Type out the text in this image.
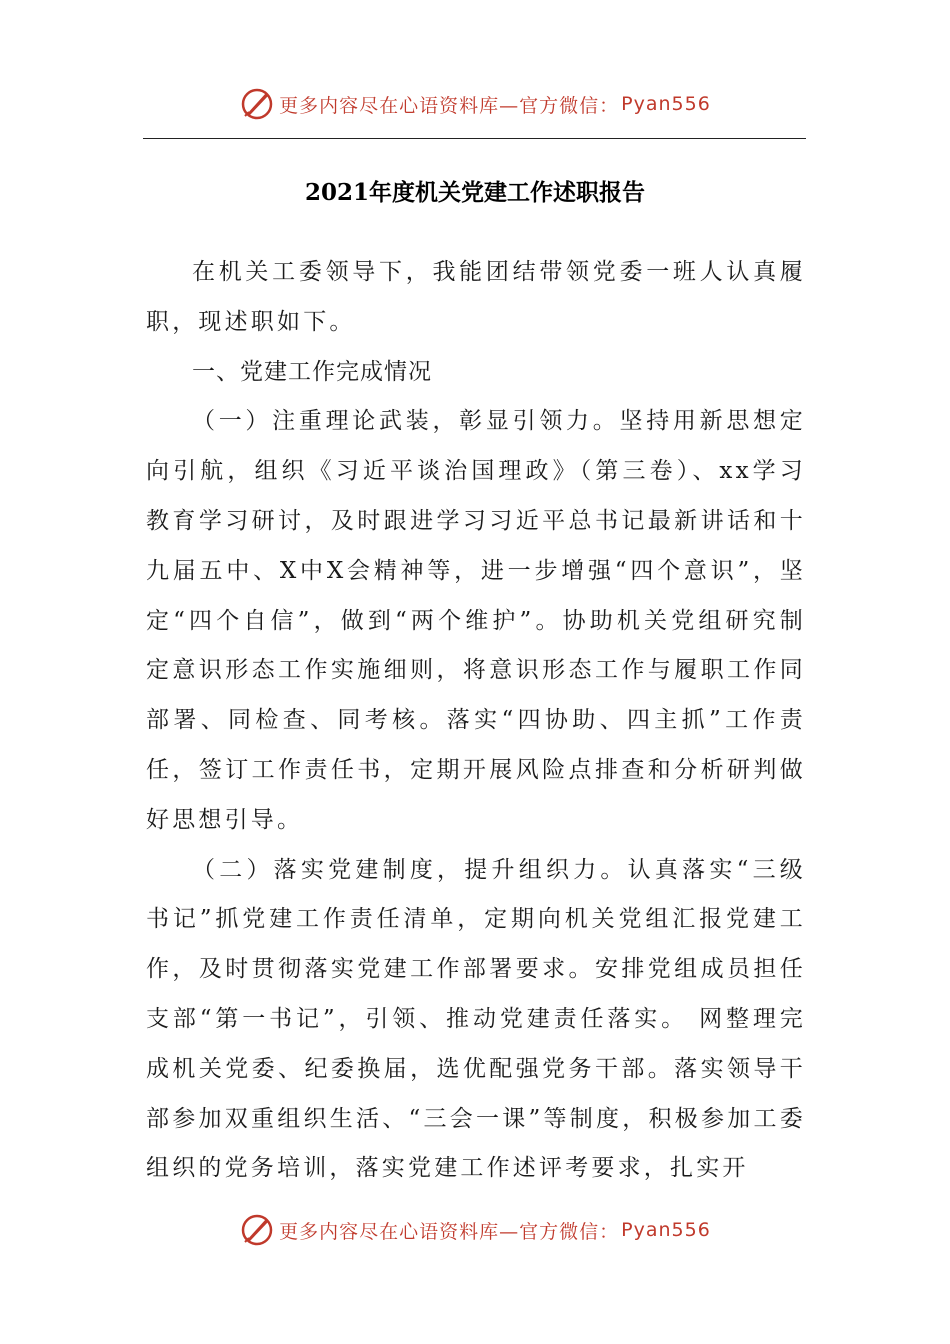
更多内容尽在心语资料库—官方微信： Pyan556
2021年度机关党建工作述职报告

在机关工委领导下，我能团结带领党委一班人认真履职，现述职如下。

一、党建工作完成情况

（一）注重理论武装，彰显引领力。坚持用新思想定向引航，组织《习近平谈治国理政》（第三卷）、xx学习教育学习研讨，及时跟进学习习近平总书记最新讲话和十九届五中、X中X会精神等，进一步增强“四个意识”，坚定“四个自信”，做到“两个维护”。协助机关党组研究制定意识形态工作实施细则，将意识形态工作与履职工作同部署、同检查、同考核。落实“四协助、四主抓”工作责任，签订工作责任书，定期开展风险点排查和分析研判做好思想引导。

（二）落实党建制度，提升组织力。认真落实“三级书记”抓党建工作责任清单，定期向机关党组汇报党建工作，及时贯彻落实党建工作部署要求。安排党组成员担任支部“第一书记”，引领、推动党建责任落实。 网整理完成机关党委、纪委换届，选优配强党务干部。落实领导干部参加双重组织生活、“三会一课”等制度，积极参加工委组织的党务培训，落实党建工作述评考要求，扎实开

更多内容尽在心语资料库—官方微信： Pyan556
